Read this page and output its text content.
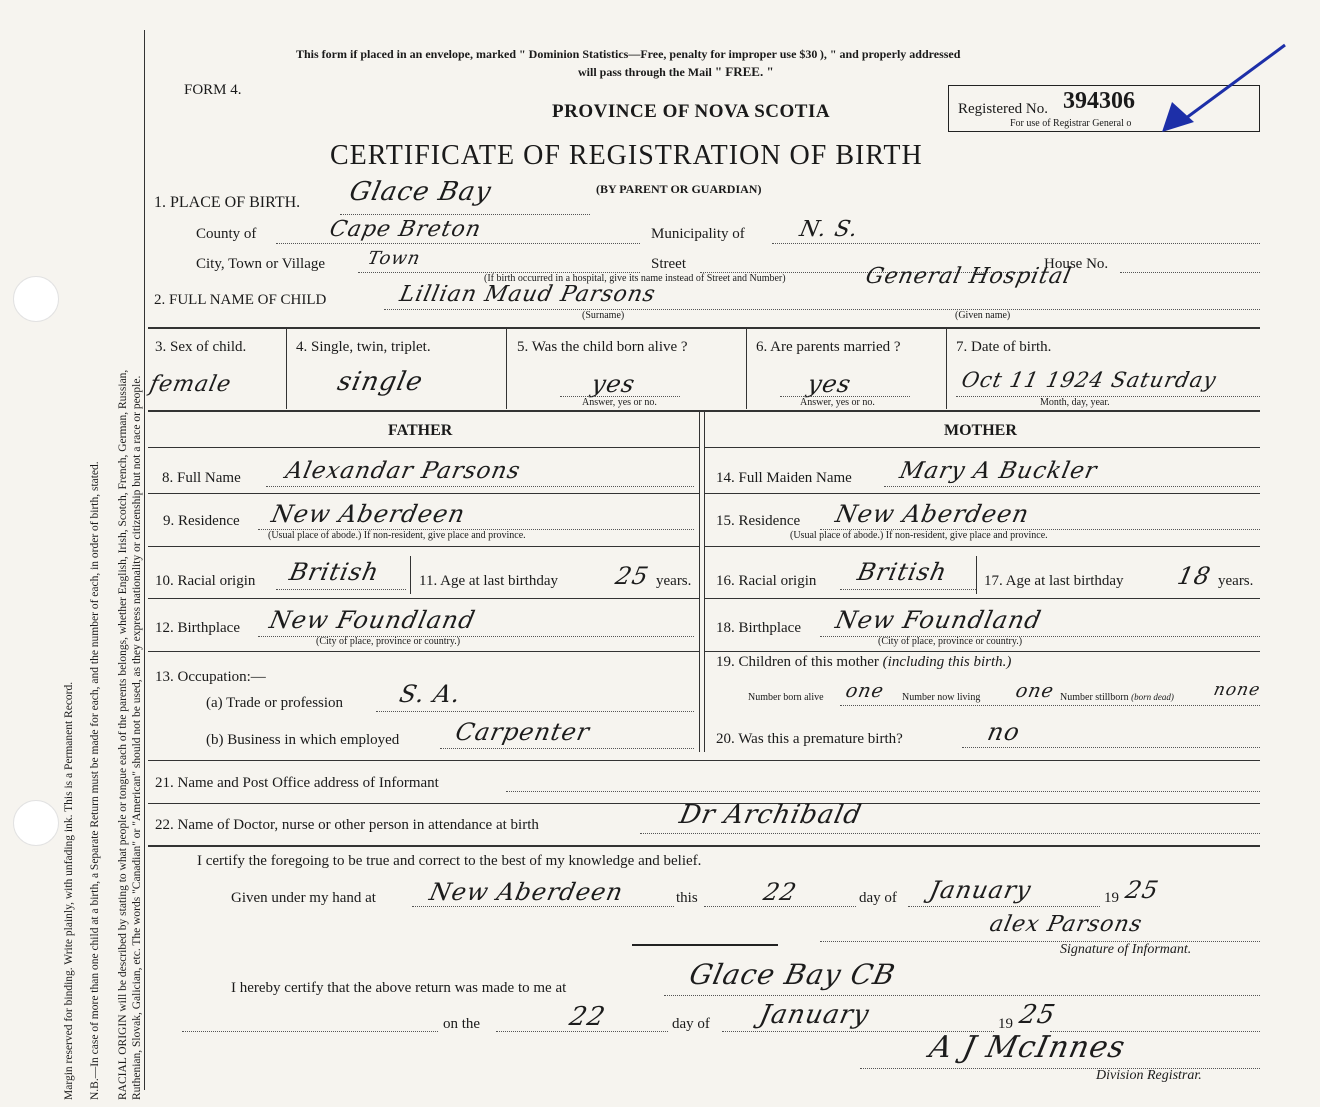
RACIAL ORIGIN will be described by stating to what people or tongue each of the parents belongs, whether English, Irish, Scotch, French, German, Russian, Ruthenian, Slovak, Galician, etc. The words "Canadian" or "American" should not be used, as they express nationality or citizenship but not a race or people.
N.B.—In case of more than one child at a birth, a Separate Return must be made for each, and the number of each, in order of birth, stated.
Margin reserved for binding. Write plainly, with unfading ink. This is a Permanent Record.
This form if placed in an envelope, marked " Dominion Statistics—Free, penalty for improper use $30 ), " and properly addressed
will pass through the Mail " FREE. "
FORM 4.
PROVINCE OF NOVA SCOTIA	Registered No. 394306
For use of Registrar General o
CERTIFICATE OF REGISTRATION OF BIRTH
(BY PARENT OR GUARDIAN)
1. PLACE OF BIRTH. Glace Bay
County of	Cape Breton	Municipality of N. S.
City, Town or Village Town	Street	House No.
(If birth occurred in a hospital, give its name instead of Street and Number)	General Hospital
2. FULL NAME OF CHILD	Lillian Maud Parsons
(Surname)	(Given name)
3. Sex of child.
female
4. Single, twin, triplet.
single
5. Was the child born alive ?
yes
Answer, yes or no.
6. Are parents married ?
yes
Answer, yes or no.
7. Date of birth.
Oct 11 1924 Saturday
Month, day, year.
FATHER	MOTHER
8. Full Name Alexandar Parsons	14. Full Maiden Name Mary A Buckler
9. Residence New Aberdeen
(Usual place of abode.) If non-resident, give place and province.
15. Residence New Aberdeen
(Usual place of abode.) If non-resident, give place and province.
10. Racial origin British 11. Age at last birthday 25 years. 16. Racial origin British 17. Age at last birthday 18 years.
12. Birthplace New Foundland
(City of place, province or country.)
18. Birthplace New Foundland
(City of place, province or country.)
13. Occupation:—
(a) Trade or profession S. A.
(b) Business in which employed Carpenter
19. Children of this mother (including this birth.)
Number born alive one Number now living one Number stillborn (born dead) none
20. Was this a premature birth?	no
21. Name and Post Office address of Informant
22. Name of Doctor, nurse or other person in attendance at birth	Dr Archibald
I certify the foregoing to be true and correct to the best of my knowledge and belief.
Given under my hand at New Aberdeen	this	22	day of January	19 25
alex Parsons
Signature of Informant.
I hereby certify that the above return was made to me at	Glace Bay CB
on the	22	day of January	19 25
A J McInnes
Division Registrar.
